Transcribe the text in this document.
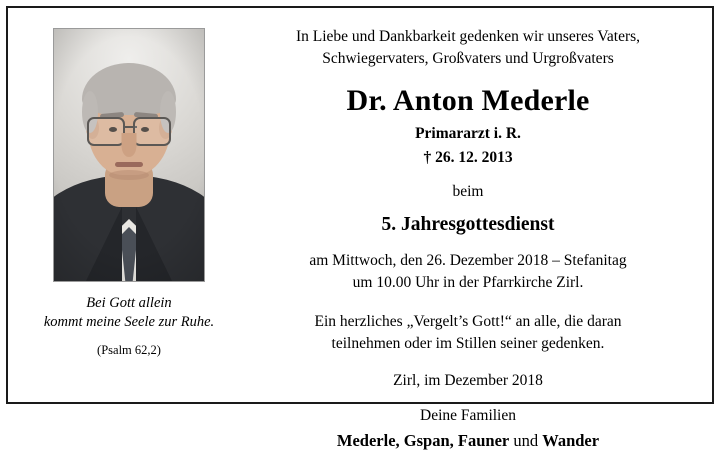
Bei Gott allein
kommt meine Seele zur Ruhe.
(Psalm 62,2)
In Liebe und Dankbarkeit gedenken wir unseres Vaters,
Schwiegervaters, Großvaters und Urgroßvaters
Dr. Anton Mederle
Primararzt i. R.
† 26. 12. 2013
beim
5. Jahresgottesdienst
am Mittwoch, den 26. Dezember 2018 – Stefanitag
um 10.00 Uhr in der Pfarrkirche Zirl.
Ein herzliches „Vergelt’s Gott!“ an alle, die daran
teilnehmen oder im Stillen seiner gedenken.
Zirl, im Dezember 2018
Deine Familien
Mederle, Gspan, Fauner und Wander
